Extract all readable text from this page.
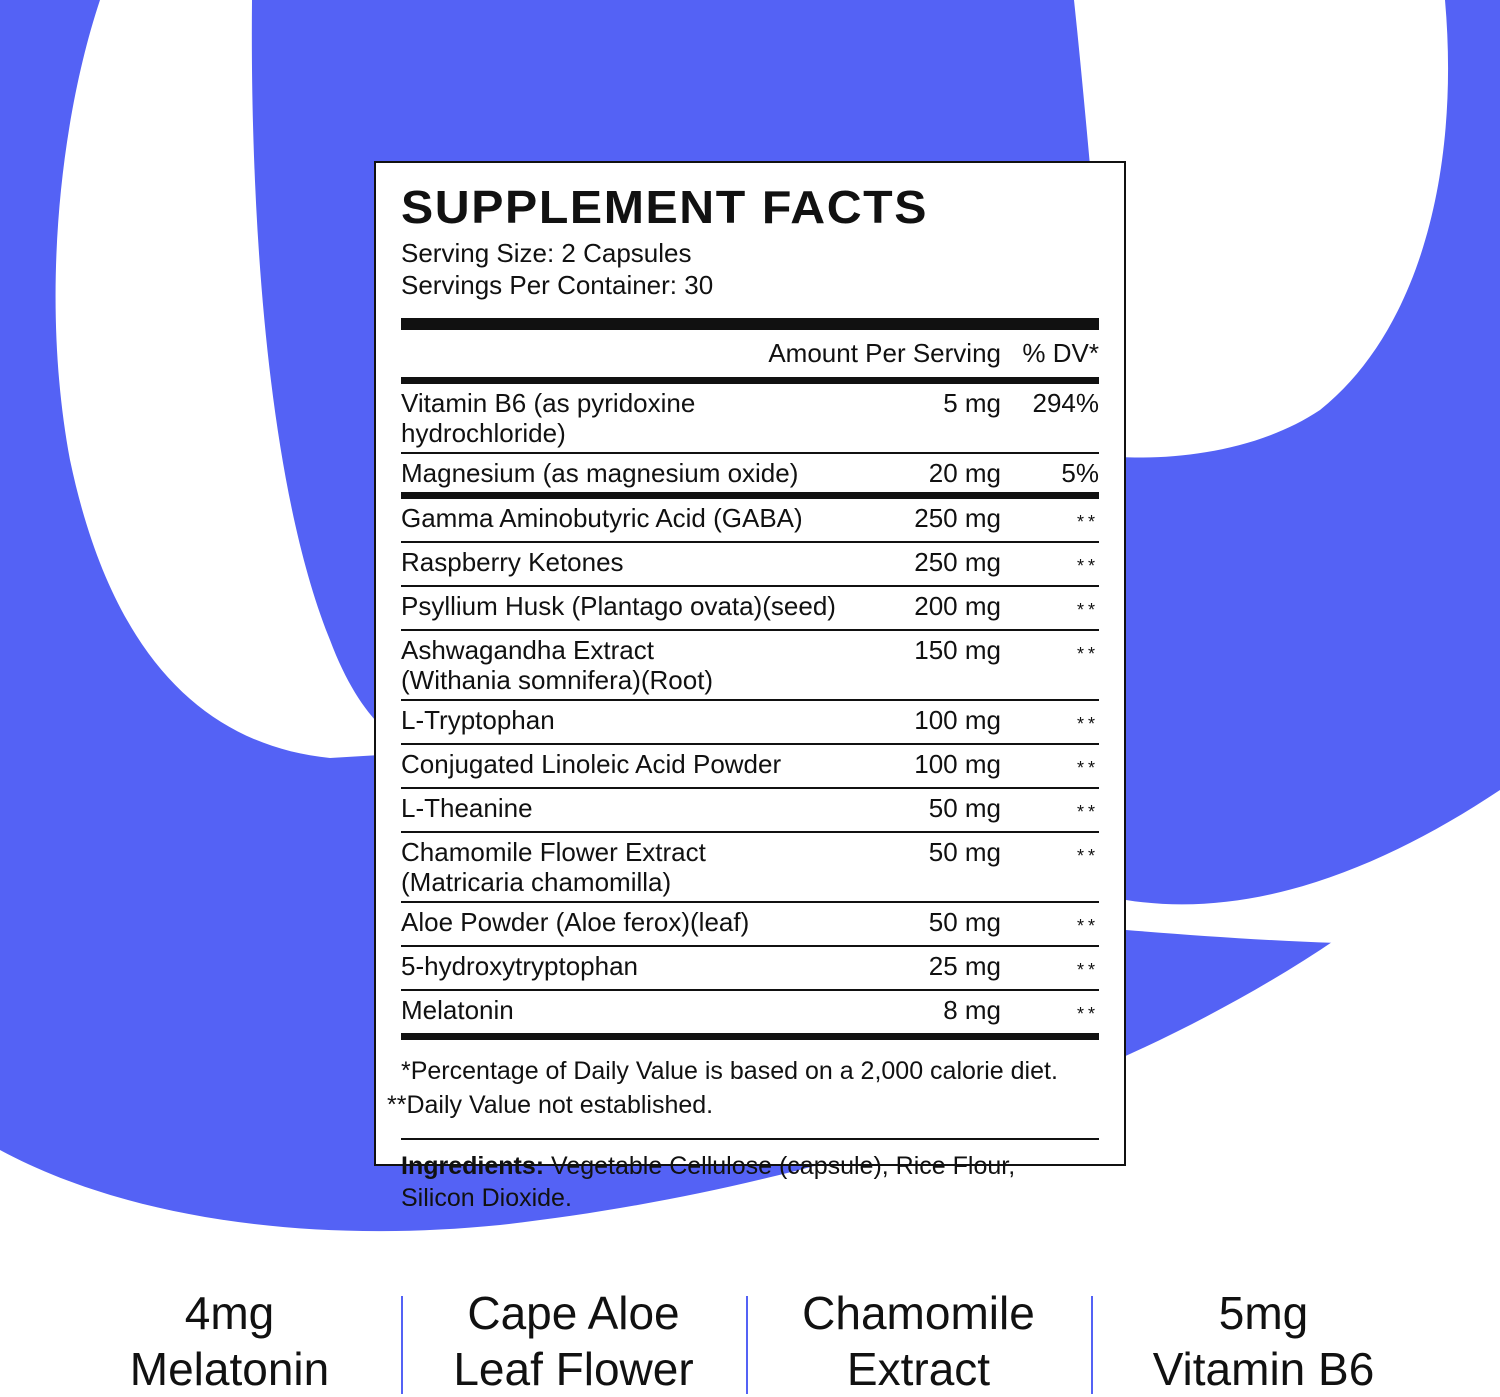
SUPPLEMENT FACTS
Serving Size: 2 Capsules
Servings Per Container: 30
Amount Per Serving % DV*
Vitamin B6 (as pyridoxine hydrochloride)
5 mg	294%
Magnesium (as magnesium oxide)	20 mg	5%
Gamma Aminobutyric Acid (GABA)	250 mg	**
Raspberry Ketones	250 mg	**
Psyllium Husk (Plantago ovata)(seed)	200 mg	**
Ashwagandha Extract
(Withania somnifera)(Root)
150 mg	**
L-Tryptophan	100 mg	**
Conjugated Linoleic Acid Powder	100 mg	**
L-Theanine	50 mg	**
Chamomile Flower Extract
(Matricaria chamomilla)
50 mg	**
Aloe Powder (Aloe ferox)(leaf)	50 mg	**
5-hydroxytryptophan	25 mg	**
Melatonin	8 mg	**
*Percentage of Daily Value is based on a 2,000 calorie diet.
**Daily Value not established.
Ingredients: Vegetable Cellulose (capsule), Rice Flour,
Silicon Dioxide.
4mg
Melatonin
Cape Aloe
Leaf Flower
Chamomile
Extract
5mg
Vitamin B6
